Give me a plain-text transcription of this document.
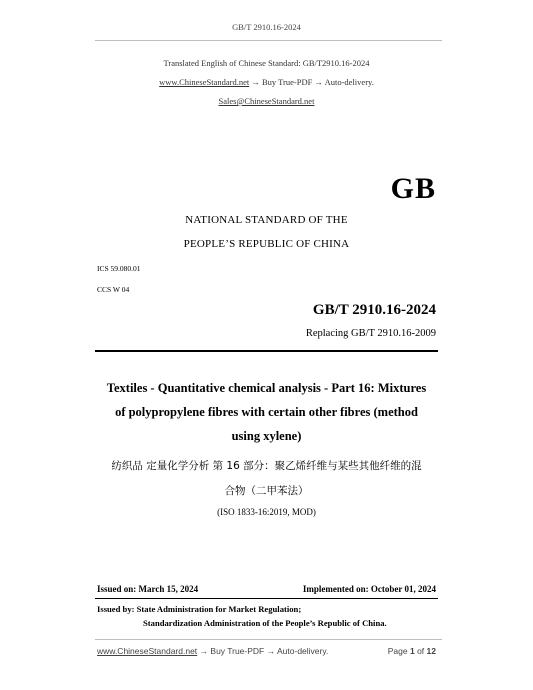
GB/T 2910.16-2024
Translated English of Chinese Standard: GB/T2910.16-2024
www.ChineseStandard.net → Buy True-PDF → Auto-delivery.
Sales@ChineseStandard.net
GB
NATIONAL STANDARD OF THE
PEOPLE’S REPUBLIC OF CHINA
ICS 59.080.01
CCS W 04
GB/T 2910.16-2024
Replacing GB/T 2910.16-2009
Textiles - Quantitative chemical analysis - Part 16: Mixtures
of polypropylene fibres with certain other fibres (method
using xylene)
纺织品 定量化学分析 第 16 部分：聚乙烯纤维与某些其他纤维的混
合物（二甲苯法）
(ISO 1833-16:2019, MOD)
Issued on: March 15, 2024	Implemented on: October 01, 2024
Issued by: State Administration for Market Regulation;
Standardization Administration of the People’s Republic of China.
www.ChineseStandard.net → Buy True-PDF → Auto-delivery.	Page 1 of 12
